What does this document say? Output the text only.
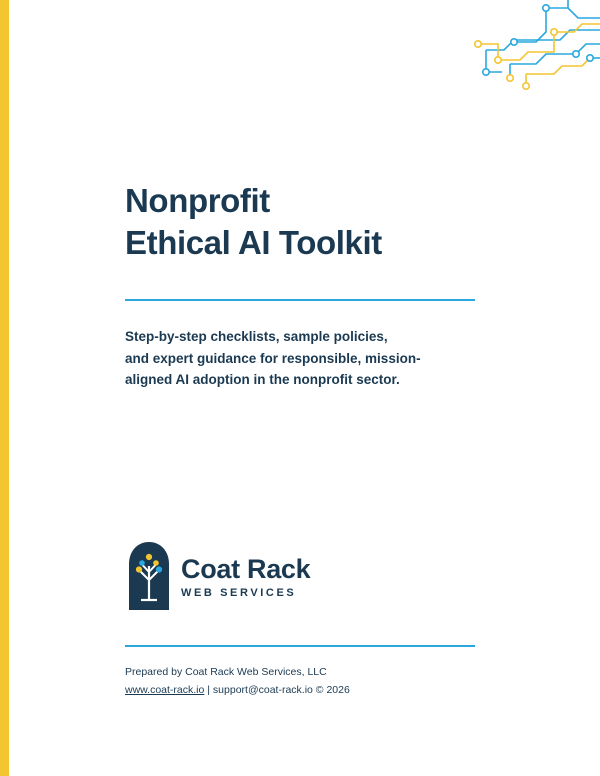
Nonprofit
Ethical AI Toolkit
Step-by-step checklists, sample policies,
and expert guidance for responsible, mission-
aligned AI adoption in the nonprofit sector.
Coat Rack
WEB SERVICES
Prepared by Coat Rack Web Services, LLC
www.coat-rack.io | support@coat-rack.io © 2026
